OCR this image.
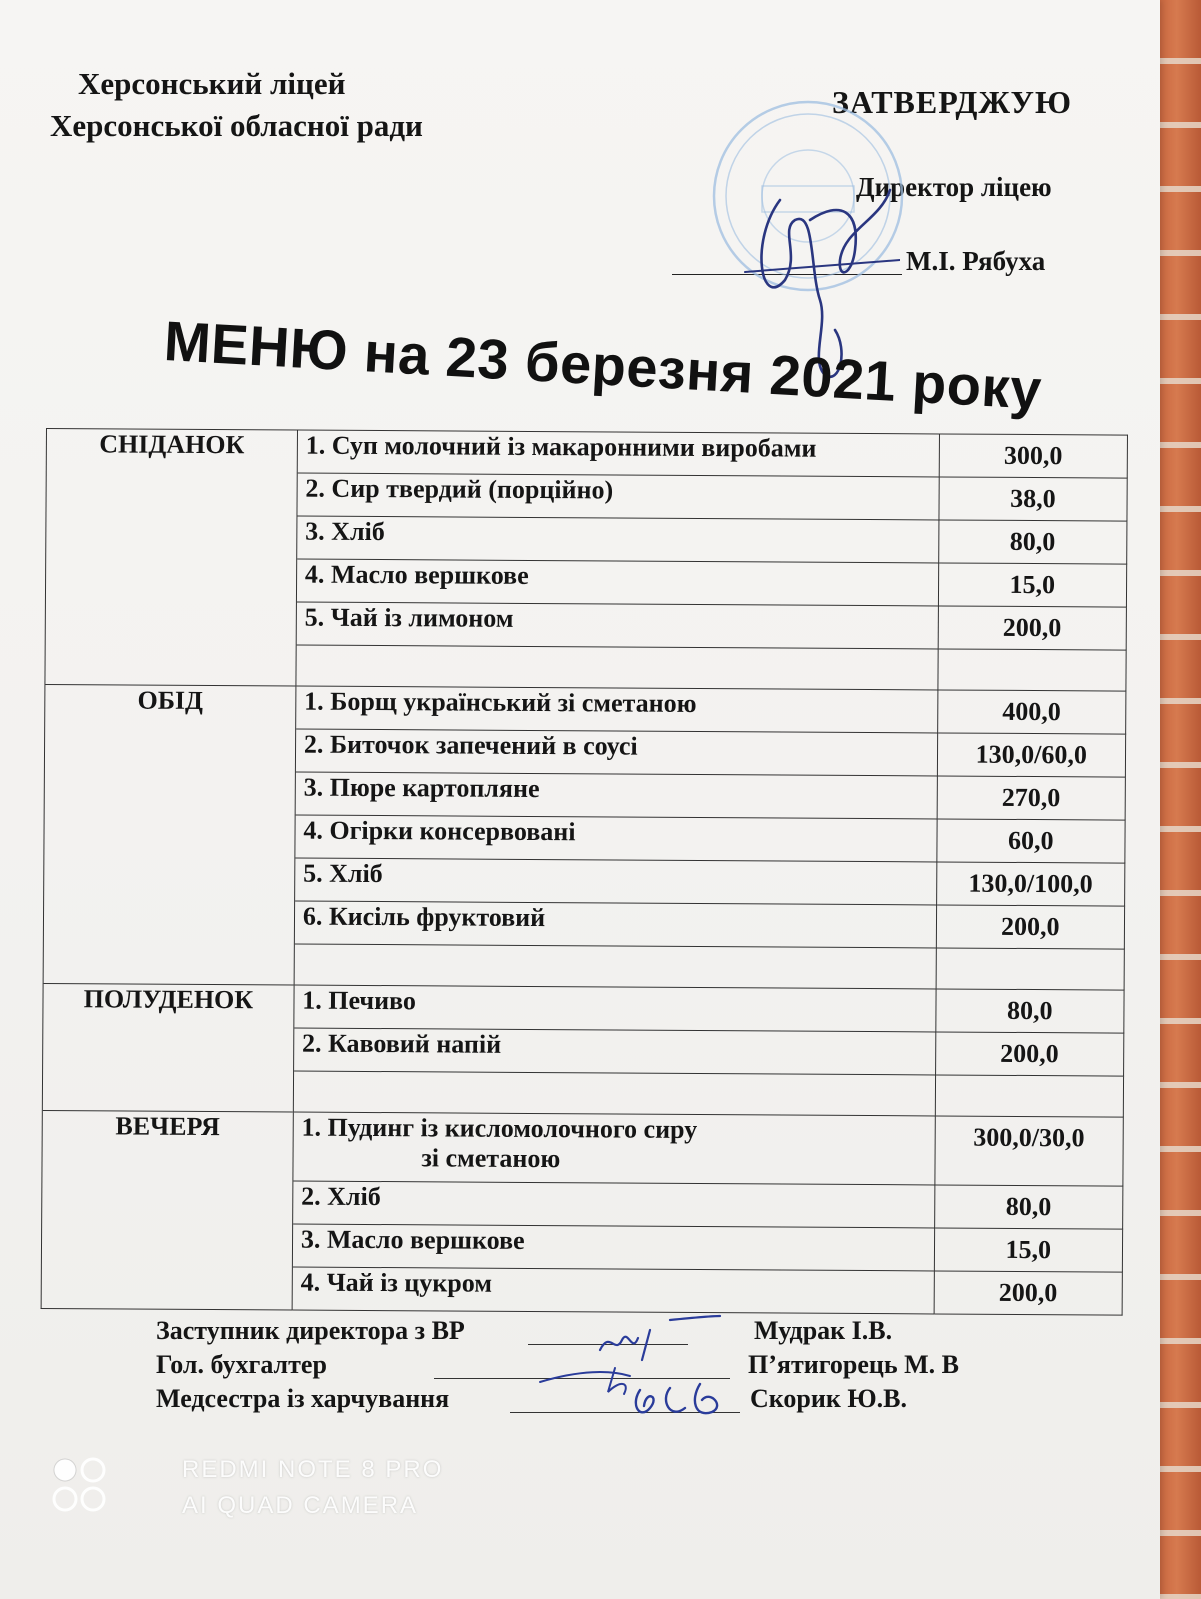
Херсонський ліцей
Херсонської обласної ради
ЗАТВЕРДЖУЮ
Директор ліцею
М.І. Рябуха
МЕНЮ на 23 березня 2021 року
СНІДАНОК	1. Суп молочний із макаронними виробами	300,0
	2. Сир твердий (порційно)	38,0
	3. Хліб	80,0
	4. Масло вершкове	15,0
	5. Чай із лимоном	200,0

ОБІД	1. Борщ український зі сметаною	400,0
	2. Биточок запечений в соусі	130,0/60,0
	3. Пюре картопляне	270,0
	4. Огірки консервовані	60,0
	5. Хліб	130,0/100,0
	6. Кисіль фруктовий	200,0

ПОЛУДЕНОК	1. Печиво	80,0
	2. Кавовий напій	200,0

ВЕЧЕРЯ	1. Пудинг із кисломолочного сиру
зі сметаною	300,0/30,0
	2. Хліб	80,0
	3. Масло вершкове	15,0
	4. Чай із цукром	200,0
Заступник директора з ВР	Мудрак І.В.
Гол. бухгалтер	П’ятигорець М. В
Медсестра із харчування	Скорик Ю.В.
REDMI NOTE 8 PRO
AI QUAD CAMERA
